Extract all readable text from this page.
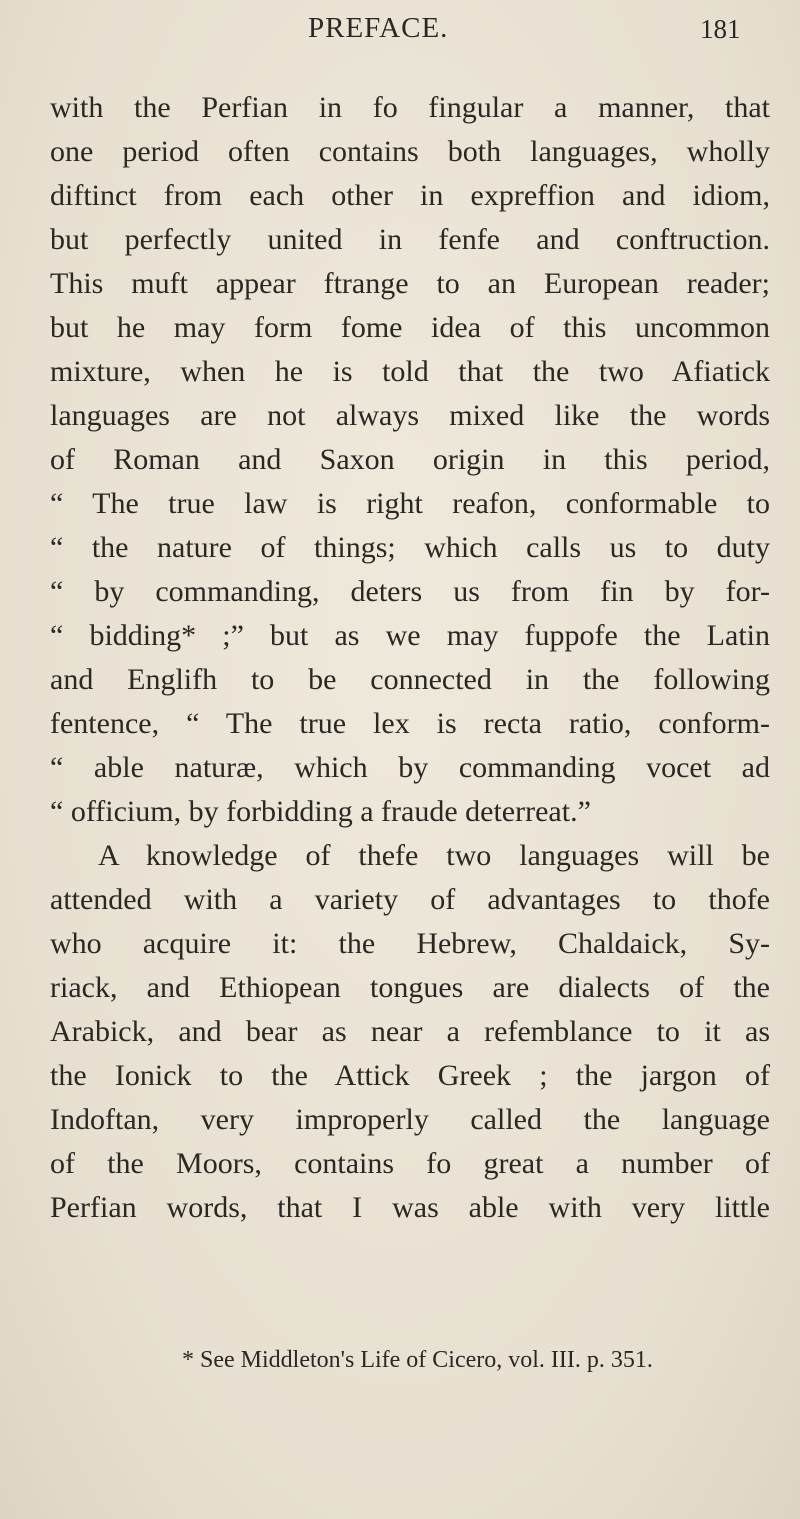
PREFACE.	181
with the Perfian in fo fingular a manner, that
one period often contains both languages, wholly
diftinct from each other in expreffion and idiom,
but perfectly united in fenfe and conftruction.
This muft appear ftrange to an European reader;
but he may form fome idea of this uncommon
mixture, when he is told that the two Afiatick
languages are not always mixed like the words
of Roman and Saxon origin in this period,
“ The true law is right reafon, conformable to
“ the nature of things; which calls us to duty
“ by commanding, deters us from fin by for-
“ bidding* ;” but as we may fuppofe the Latin
and Englifh to be connected in the following
fentence, “ The true lex is recta ratio, conform-
“ able naturæ, which by commanding vocet ad
“ officium, by forbidding a fraude deterreat.”
A knowledge of thefe two languages will be
attended with a variety of advantages to thofe
who acquire it: the Hebrew, Chaldaick, Sy-
riack, and Ethiopean tongues are dialects of the
Arabick, and bear as near a refemblance to it as
the Ionick to the Attick Greek ; the jargon of
Indoftan, very improperly called the language
of the Moors, contains fo great a number of
Perfian words, that I was able with very little
* See Middleton's Life of Cicero, vol. III. p. 351.
